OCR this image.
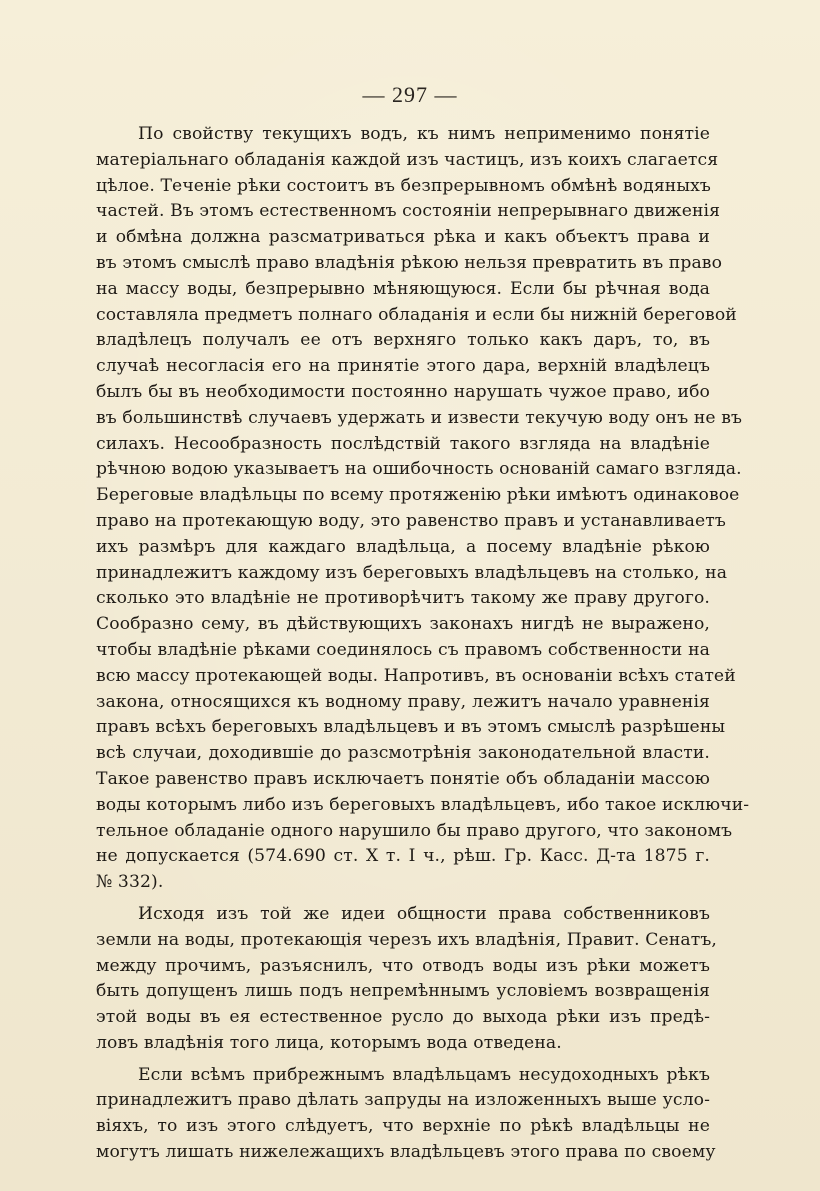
— 297 —
По свойству текущихъ водъ, къ нимъ неприменимо понятіе
матеріальнаго обладанія каждой изъ частицъ, изъ коихъ слагается
цѣлое. Теченіе рѣки состоитъ въ безпрерывномъ обмѣнѣ водяныхъ
частей. Въ этомъ естественномъ состояніи непрерывнаго движенія
и обмѣна должна разсматриваться рѣка и какъ объектъ права и
въ этомъ смыслѣ право владѣнія рѣкою нельзя превратить въ право
на массу воды, безпрерывно мѣняющуюся. Если бы рѣчная вода
составляла предметъ полнаго обладанія и если бы нижній береговой
владѣлецъ получалъ ее отъ верхняго только какъ даръ, то, въ
случаѣ несогласія его на принятіе этого дара, верхній владѣлецъ
былъ бы въ необходимости постоянно нарушать чужое право, ибо
въ большинствѣ случаевъ удержать и извести текучую воду онъ не въ
силахъ. Несообразность послѣдствій такого взгляда на владѣніе
рѣчною водою указываетъ на ошибочность основаній самаго взгляда.
Береговые владѣльцы по всему протяженію рѣки имѣютъ одинаковое
право на протекающую воду, это равенство правъ и устанавливаетъ
ихъ размѣръ для каждаго владѣльца, а посему владѣніе рѣкою
принадлежитъ каждому изъ береговыхъ владѣльцевъ на столько, на
сколько это владѣніе не противорѣчитъ такому же праву другого.
Сообразно сему, въ дѣйствующихъ законахъ нигдѣ не выражено,
чтобы владѣніе рѣками соединялось съ правомъ собственности на
всю массу протекающей воды. Напротивъ, въ основаніи всѣхъ статей
закона, относящихся къ водному праву, лежитъ начало уравненія
правъ всѣхъ береговыхъ владѣльцевъ и въ этомъ смыслѣ разрѣшены
всѣ случаи, доходившіе до разсмотрѣнія законодательной власти.
Такое равенство правъ исключаетъ понятіе объ обладаніи массою
воды которымъ либо изъ береговыхъ владѣльцевъ, ибо такое исключи-
тельное обладаніе одного нарушило бы право другого, что закономъ
не допускается (574.690 ст. X т. I ч., рѣш. Гр. Касс. Д-та 1875 г.
№ 332).
Исходя изъ той же идеи общности права собственниковъ
земли на воды, протекающія черезъ ихъ владѣнія, Правит. Сенатъ,
между прочимъ, разъяснилъ, что отводъ воды изъ рѣки можетъ
быть допущенъ лишь подъ непремѣннымъ условіемъ возвращенія
этой воды въ ея естественное русло до выхода рѣки изъ предѣ-
ловъ владѣнія того лица, которымъ вода отведена.
Если всѣмъ прибрежнымъ владѣльцамъ несудоходныхъ рѣкъ
принадлежитъ право дѣлать запруды на изложенныхъ выше усло-
віяхъ, то изъ этого слѣдуетъ, что верхніе по рѣкѣ владѣльцы не
могутъ лишать нижележащихъ владѣльцевъ этого права по своему
